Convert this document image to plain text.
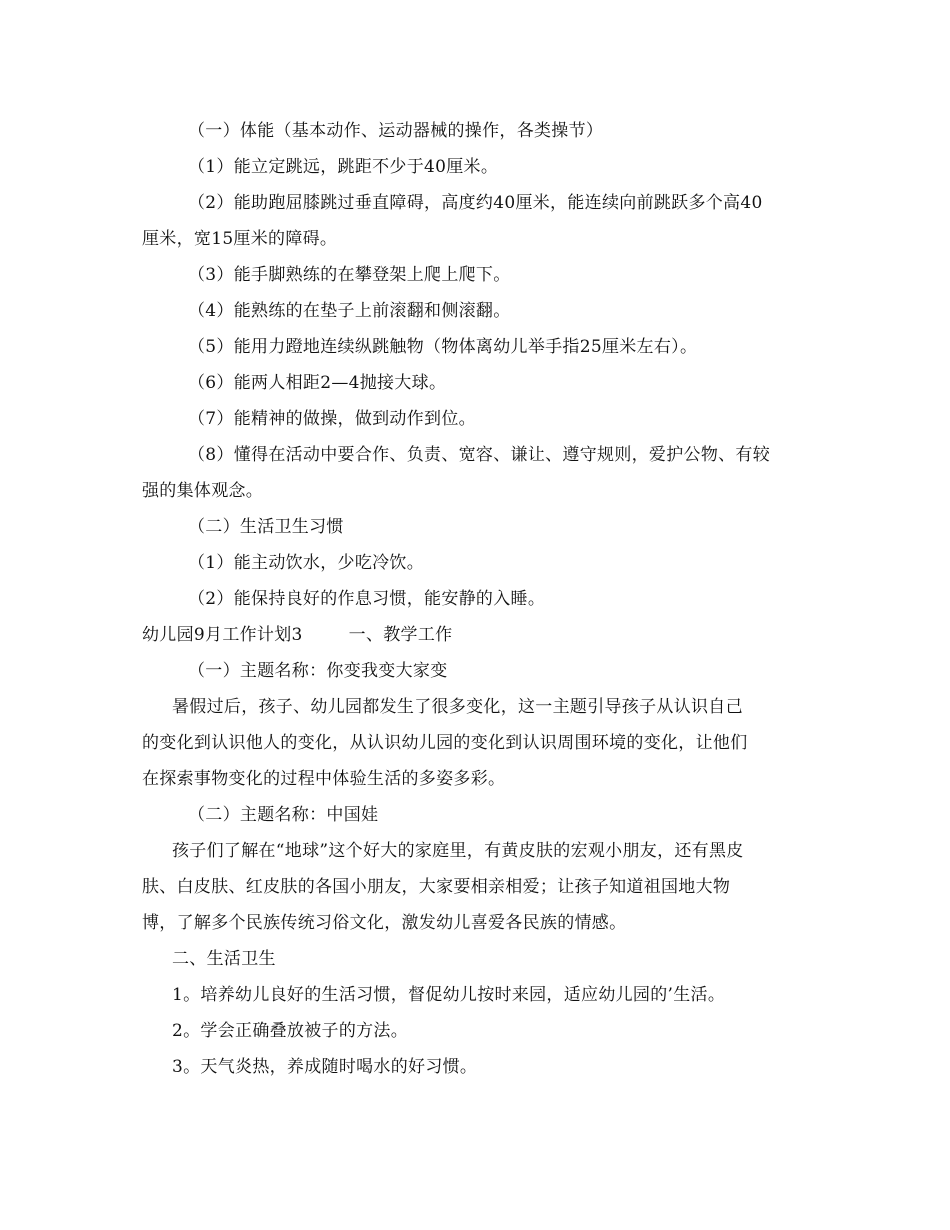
（一）体能（基本动作、运动器械的操作，各类操节）
（1）能立定跳远，跳距不少于40厘米。
（2）能助跑屈膝跳过垂直障碍，高度约40厘米，能连续向前跳跃多个高40
厘米，宽15厘米的障碍。
（3）能手脚熟练的在攀登架上爬上爬下。
（4）能熟练的在垫子上前滚翻和侧滚翻。
（5）能用力蹬地连续纵跳触物（物体离幼儿举手指25厘米左右）。
（6）能两人相距2—4抛接大球。
（7）能精神的做操，做到动作到位。
（8）懂得在活动中要合作、负责、宽容、谦让、遵守规则，爱护公物、有较
强的集体观念。
（二）生活卫生习惯
（1）能主动饮水，少吃冷饮。
（2）能保持良好的作息习惯，能安静的入睡。
幼儿园9月工作计划3	一、教学工作
（一）主题名称：你变我变大家变
暑假过后，孩子、幼儿园都发生了很多变化，这一主题引导孩子从认识自己
的变化到认识他人的变化，从认识幼儿园的变化到认识周围环境的变化，让他们
在探索事物变化的过程中体验生活的多姿多彩。
（二）主题名称：中国娃
孩子们了解在“地球”这个好大的家庭里，有黄皮肤的宏观小朋友，还有黑皮
肤、白皮肤、红皮肤的各国小朋友，大家要相亲相爱；让孩子知道祖国地大物
博，了解多个民族传统习俗文化，激发幼儿喜爱各民族的情感。
二、生活卫生
1。培养幼儿良好的生活习惯，督促幼儿按时来园，适应幼儿园的’生活。
2。学会正确叠放被子的方法。
3。天气炎热，养成随时喝水的好习惯。
